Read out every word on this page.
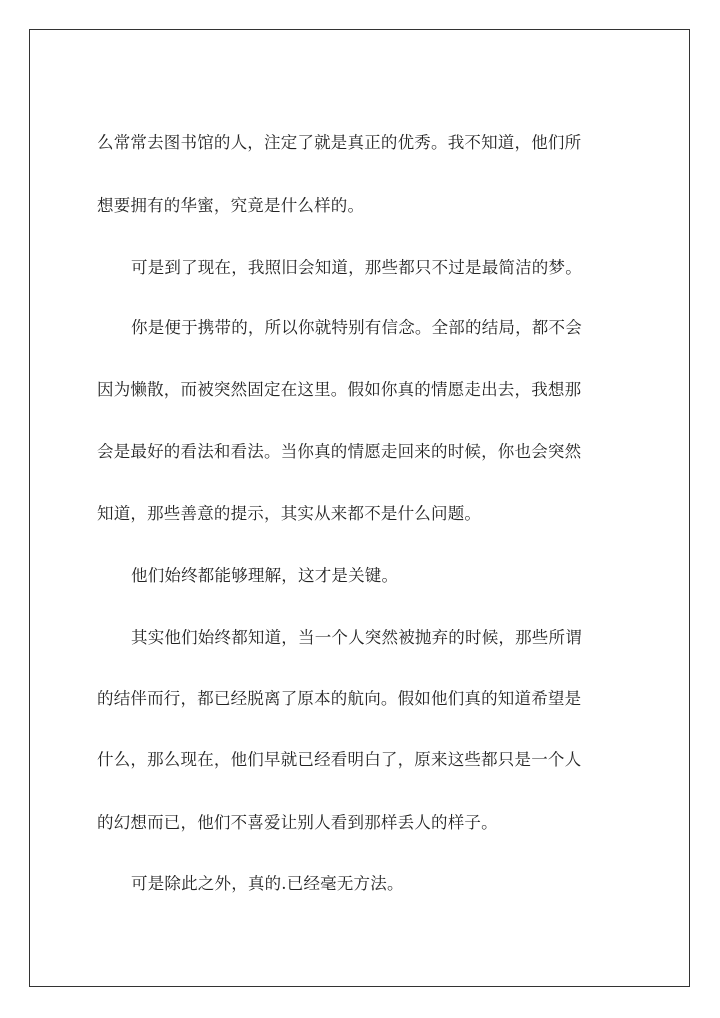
么常常去图书馆的人，注定了就是真正的优秀。我不知道，他们所
想要拥有的华蜜，究竟是什么样的。
可是到了现在，我照旧会知道，那些都只不过是最简洁的梦。
你是便于携带的，所以你就特别有信念。全部的结局，都不会
因为懒散，而被突然固定在这里。假如你真的情愿走出去，我想那
会是最好的看法和看法。当你真的情愿走回来的时候，你也会突然
知道，那些善意的提示，其实从来都不是什么问题。
他们始终都能够理解，这才是关键。
其实他们始终都知道，当一个人突然被抛弃的时候，那些所谓
的结伴而行，都已经脱离了原本的航向。假如他们真的知道希望是
什么，那么现在，他们早就已经看明白了，原来这些都只是一个人
的幻想而已，他们不喜爱让别人看到那样丢人的样子。
可是除此之外，真的.已经毫无方法。
